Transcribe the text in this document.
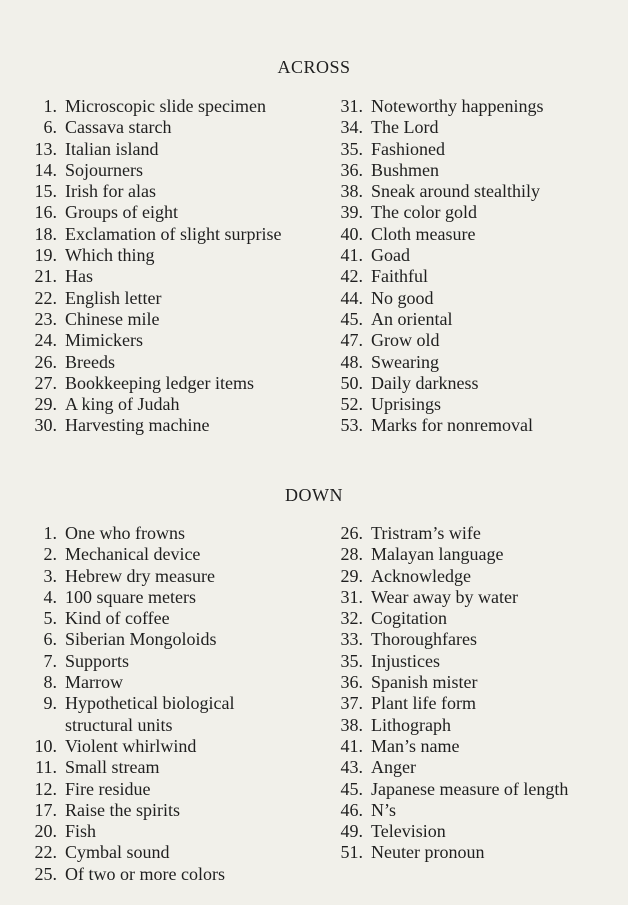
ACROSS
1. Microscopic slide specimen
6. Cassava starch
13. Italian island
14. Sojourners
15. Irish for alas
16. Groups of eight
18. Exclamation of slight surprise
19. Which thing
21. Has
22. English letter
23. Chinese mile
24. Mimickers
26. Breeds
27. Bookkeeping ledger items
29. A king of Judah
30. Harvesting machine
31. Noteworthy happenings
34. The Lord
35. Fashioned
36. Bushmen
38. Sneak around stealthily
39. The color gold
40. Cloth measure
41. Goad
42. Faithful
44. No good
45. An oriental
47. Grow old
48. Swearing
50. Daily darkness
52. Uprisings
53. Marks for nonremoval
DOWN
1. One who frowns
2. Mechanical device
3. Hebrew dry measure
4. 100 square meters
5. Kind of coffee
6. Siberian Mongoloids
7. Supports
8. Marrow
9. Hypothetical biological
structural units
10. Violent whirlwind
11. Small stream
12. Fire residue
17. Raise the spirits
20. Fish
22. Cymbal sound
25. Of two or more colors
26. Tristram’s wife
28. Malayan language
29. Acknowledge
31. Wear away by water
32. Cogitation
33. Thoroughfares
35. Injustices
36. Spanish mister
37. Plant life form
38. Lithograph
41. Man’s name
43. Anger
45. Japanese measure of length
46. N’s
49. Television
51. Neuter pronoun
